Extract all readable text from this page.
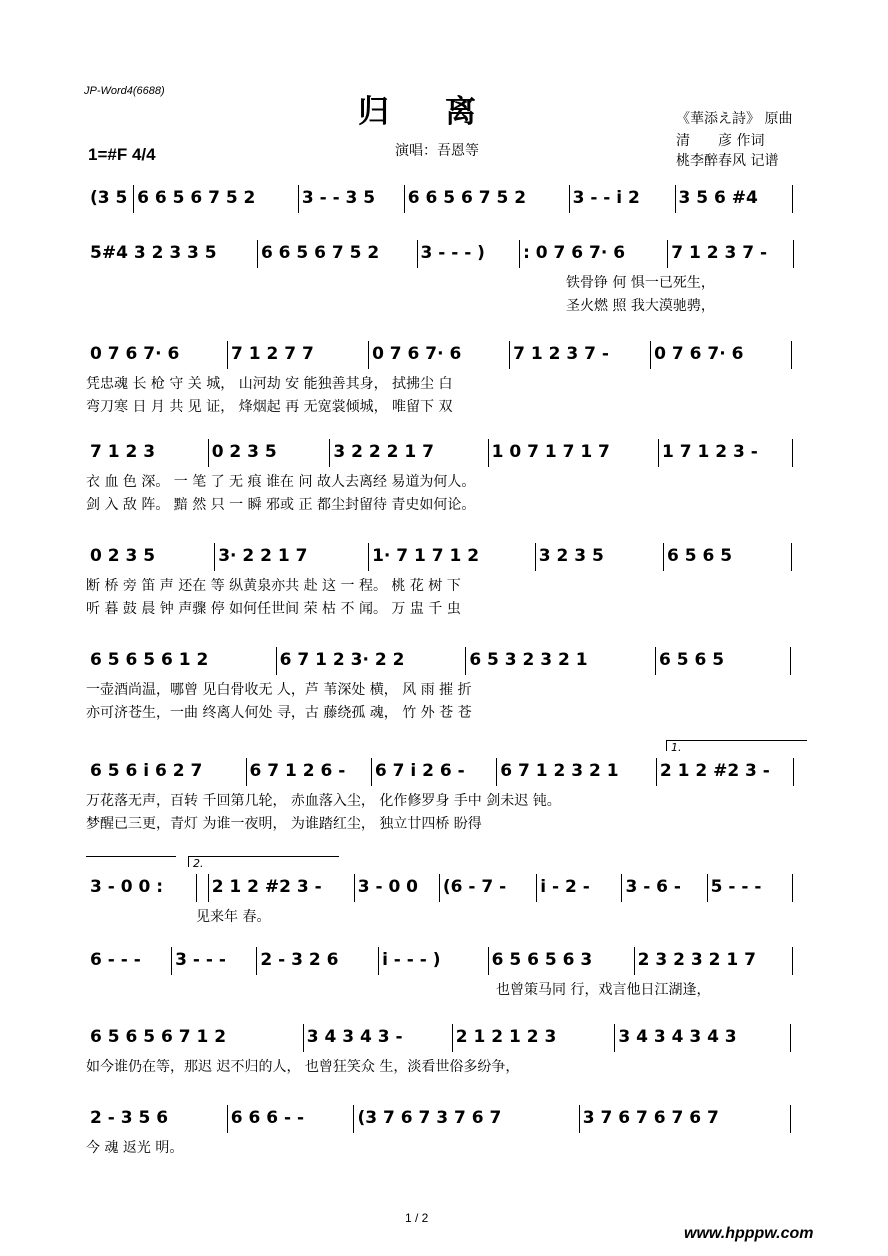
JP-Word4(6688)
归离	《華添え詩》 原曲
清　　彦 作词
桃李醉春风 记谱
1=#F 4/4	演唱：吾恩等
(3 5 6 6 5 6 7 5 2	3 - - 3 5 6 6 5 6 7 5 2	3 - - i 2 3 5 6 #4
5#4 3 2 3 3 5	6 6 5 6 7 5 2 3 - - - ) : 0 7 6 7· 6	7 1 2 3 7 -
铁骨铮 何 惧一已死生，
圣火燃 照 我大漠驰骋，
0 7 6 7· 6	7 1 2 7 7	0 7 6 7· 6	7 1 2 3 7 -	0 7 6 7· 6
凭忠魂 长 枪 守 关 城， 山河劫 安 能独善其身， 拭拂尘 白
弯刀寒 日 月 共 见 证， 烽烟起 再 无宽裳倾城， 唯留下 双
7 1 2 3	0 2 3 5	3 2 2 2 1 7	1 0 7 1 7 1 7	1 7 1 2 3 -
衣 血 色 深。 一 笔 了 无 痕 谁在 问 故人去离经 易道为何人。
剑 入 敌 阵。 黯 然 只 一 瞬 邪或 正 都尘封留待 青史如何论。
0 2 3 5	3· 2 2 1 7	1· 7 1 7 1 2	3 2 3 5	6 5 6 5
断 桥 旁 笛 声 还在 等 纵黄泉亦共 赴 这 一 程。 桃 花 树 下
听 暮 鼓 晨 钟 声骤 停 如何任世间 荣 枯 不 闻。 万 盅 千 虫
6 5 6 5 6 1 2	6 7 1 2 3· 2 2	6 5 3 2 3 2 1	6 5 6 5
一壶酒尚温，哪曾 见白骨收无 人，芦 苇深处 横， 风 雨 摧 折
亦可济苍生，一曲 终离人何处 寻，古 藤绕孤 魂， 竹 外 苍 苍
6 5 6 i 6 2 7	6 7 1 2 6 - 6 7 i 2 6 - 6 7 1 2 3 2 1 2 1 2 #2 3 -
万花落无声，百转 千回第几轮， 赤血落入尘， 化作修罗身 手中 剑未迟 钝。
梦醒已三更，青灯 为谁一夜明， 为谁踏红尘， 独立廿四桥 盼得
3 - 0 0 :	2 1 2 #2 3 - 3 - 0 0 (6 - 7 - i - 2 - 3 - 6 - 5 - - -
见来年 春。
6 - - - 3 - - - 2 - 3 2 6	i - - - )	6 5 6 5 6 3	2 3 2 3 2 1 7
也曾策马同 行，戏言他日江湖逢，
6 5 6 5 6 7 1 2	3 4 3 4 3 -	2 1 2 1 2 3	3 4 3 4 3 4 3
如今谁仍在等，那迟 迟不归的人， 也曾狂笑众 生，淡看世俗多纷争，
2 - 3 5 6	6 6 6 - -	(3 7 6 7 3 7 6 7	3 7 6 7 6 7 6 7
今 魂 返光 明。
1 / 2
www.hpppw.com
1.
2.
